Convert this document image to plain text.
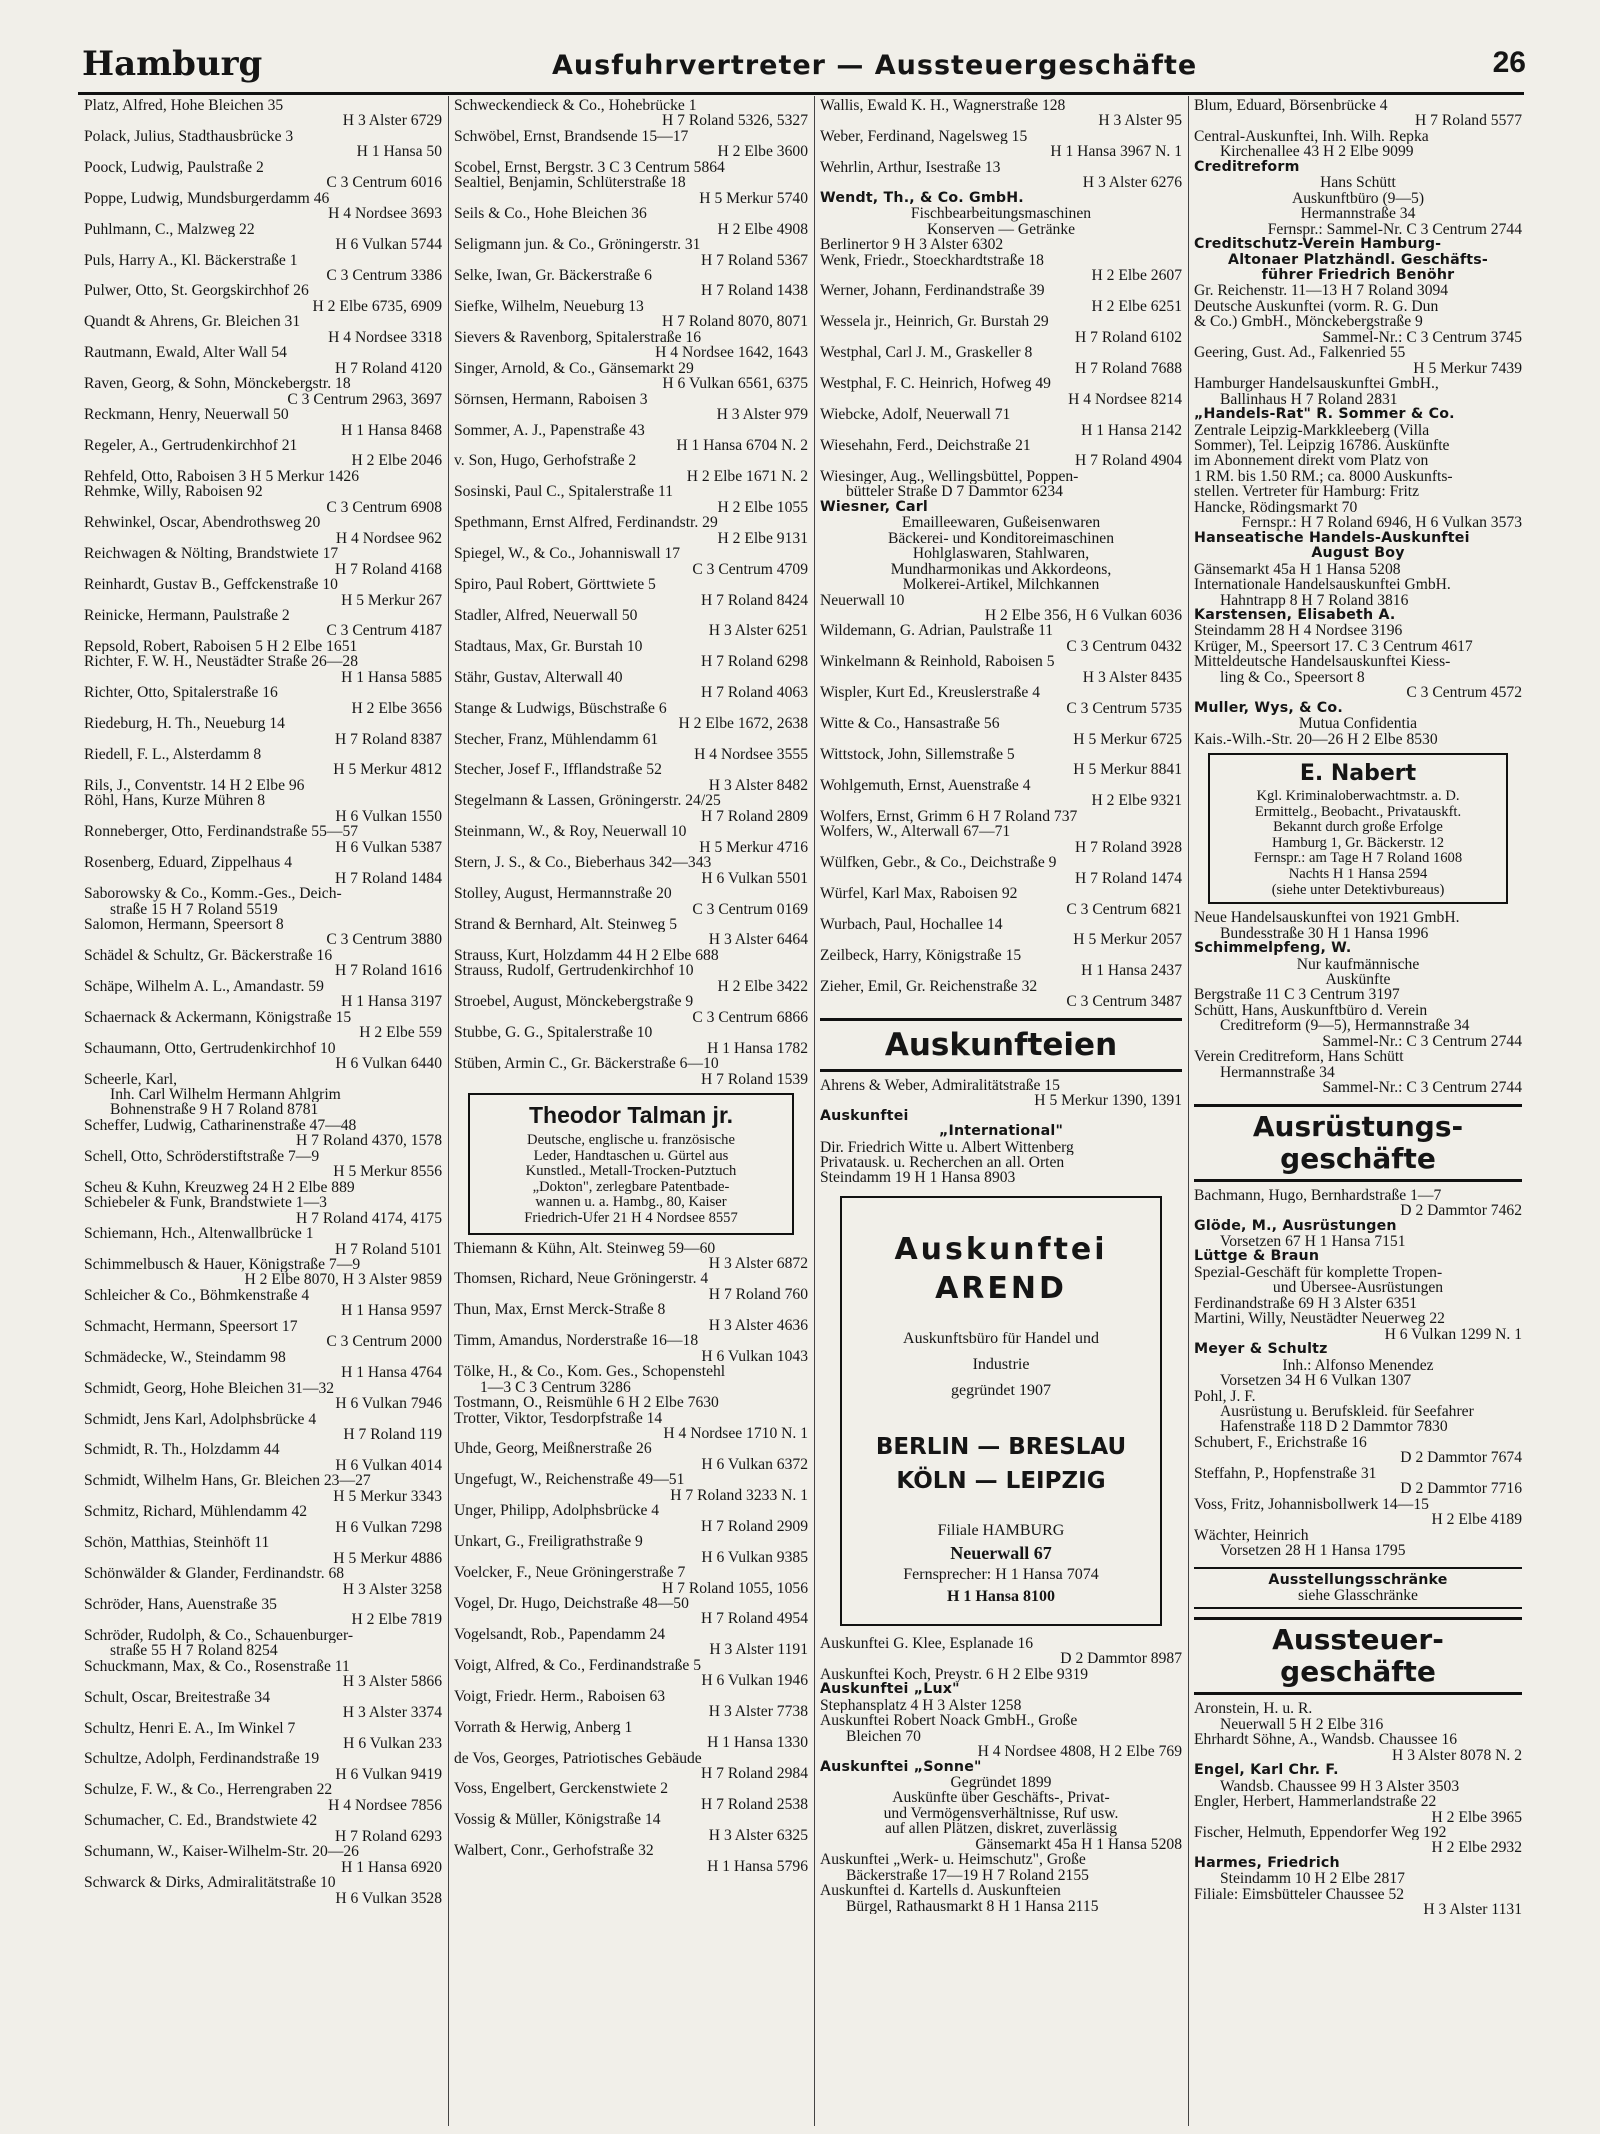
Hamburg	Ausfuhrvertreter — Aussteuergeschäfte	26
Platz, Alfred, Hohe Bleichen 35
H 3 Alster 6729
Polack, Julius, Stadthausbrücke 3
H 1 Hansa 50
Poock, Ludwig, Paulstraße 2
C 3 Centrum 6016
Poppe, Ludwig, Mundsburgerdamm 46
H 4 Nordsee 3693
Puhlmann, C., Malzweg 22
H 6 Vulkan 5744
Puls, Harry A., Kl. Bäckerstraße 1
C 3 Centrum 3386
Pulwer, Otto, St. Georgskirchhof 26
H 2 Elbe 6735, 6909
Quandt & Ahrens, Gr. Bleichen 31
H 4 Nordsee 3318
Rautmann, Ewald, Alter Wall 54
H 7 Roland 4120
Raven, Georg, & Sohn, Mönckebergstr. 18
C 3 Centrum 2963, 3697
Reckmann, Henry, Neuerwall 50
H 1 Hansa 8468
Regeler, A., Gertrudenkirchhof 21
H 2 Elbe 2046
Rehfeld, Otto, Raboisen 3 H 5 Merkur 1426
Rehmke, Willy, Raboisen 92
C 3 Centrum 6908
Rehwinkel, Oscar, Abendrothsweg 20
H 4 Nordsee 962
Reichwagen & Nölting, Brandstwiete 17
H 7 Roland 4168
Reinhardt, Gustav B., Geffckenstraße 10
H 5 Merkur 267
Reinicke, Hermann, Paulstraße 2
C 3 Centrum 4187
Repsold, Robert, Raboisen 5 H 2 Elbe 1651
Richter, F. W. H., Neustädter Straße 26—28
H 1 Hansa 5885
Richter, Otto, Spitalerstraße 16
H 2 Elbe 3656
Riedeburg, H. Th., Neueburg 14
H 7 Roland 8387
Riedell, F. L., Alsterdamm 8
H 5 Merkur 4812
Rils, J., Conventstr. 14 H 2 Elbe 96
Röhl, Hans, Kurze Mühren 8
H 6 Vulkan 1550
Ronneberger, Otto, Ferdinandstraße 55—57
H 6 Vulkan 5387
Rosenberg, Eduard, Zippelhaus 4
H 7 Roland 1484
Saborowsky & Co., Komm.-Ges., Deich-
straße 15 H 7 Roland 5519
Salomon, Hermann, Speersort 8
C 3 Centrum 3880
Schädel & Schultz, Gr. Bäckerstraße 16
H 7 Roland 1616
Schäpe, Wilhelm A. L., Amandastr. 59
H 1 Hansa 3197
Schaernack & Ackermann, Königstraße 15
H 2 Elbe 559
Schaumann, Otto, Gertrudenkirchhof 10
H 6 Vulkan 6440
Scheerle, Karl,
Inh. Carl Wilhelm Hermann Ahlgrim
Bohnenstraße 9 H 7 Roland 8781
Scheffer, Ludwig, Catharinenstraße 47—48
H 7 Roland 4370, 1578
Schell, Otto, Schröderstiftstraße 7—9
H 5 Merkur 8556
Scheu & Kuhn, Kreuzweg 24 H 2 Elbe 889
Schiebeler & Funk, Brandstwiete 1—3
H 7 Roland 4174, 4175
Schiemann, Hch., Altenwallbrücke 1
H 7 Roland 5101
Schimmelbusch & Hauer, Königstraße 7—9
H 2 Elbe 8070, H 3 Alster 9859
Schleicher & Co., Böhmkenstraße 4
H 1 Hansa 9597
Schmacht, Hermann, Speersort 17
C 3 Centrum 2000
Schmädecke, W., Steindamm 98
H 1 Hansa 4764
Schmidt, Georg, Hohe Bleichen 31—32
H 6 Vulkan 7946
Schmidt, Jens Karl, Adolphsbrücke 4
H 7 Roland 119
Schmidt, R. Th., Holzdamm 44
H 6 Vulkan 4014
Schmidt, Wilhelm Hans, Gr. Bleichen 23—27
H 5 Merkur 3343
Schmitz, Richard, Mühlendamm 42
H 6 Vulkan 7298
Schön, Matthias, Steinhöft 11
H 5 Merkur 4886
Schönwälder & Glander, Ferdinandstr. 68
H 3 Alster 3258
Schröder, Hans, Auenstraße 35
H 2 Elbe 7819
Schröder, Rudolph, & Co., Schauenburger-
straße 55 H 7 Roland 8254
Schuckmann, Max, & Co., Rosenstraße 11
H 3 Alster 5866
Schult, Oscar, Breitestraße 34
H 3 Alster 3374
Schultz, Henri E. A., Im Winkel 7
H 6 Vulkan 233
Schultze, Adolph, Ferdinandstraße 19
H 6 Vulkan 9419
Schulze, F. W., & Co., Herrengraben 22
H 4 Nordsee 7856
Schumacher, C. Ed., Brandstwiete 42
H 7 Roland 6293
Schumann, W., Kaiser-Wilhelm-Str. 20—26
H 1 Hansa 6920
Schwarck & Dirks, Admiralitätstraße 10
H 6 Vulkan 3528
Schweckendieck & Co., Hohebrücke 1
H 7 Roland 5326, 5327
Schwöbel, Ernst, Brandsende 15—17
H 2 Elbe 3600
Scobel, Ernst, Bergstr. 3 C 3 Centrum 5864
Sealtiel, Benjamin, Schlüterstraße 18
H 5 Merkur 5740
Seils & Co., Hohe Bleichen 36
H 2 Elbe 4908
Seligmann jun. & Co., Gröningerstr. 31
H 7 Roland 5367
Selke, Iwan, Gr. Bäckerstraße 6
H 7 Roland 1438
Siefke, Wilhelm, Neueburg 13
H 7 Roland 8070, 8071
Sievers & Ravenborg, Spitalerstraße 16
H 4 Nordsee 1642, 1643
Singer, Arnold, & Co., Gänsemarkt 29
H 6 Vulkan 6561, 6375
Sörnsen, Hermann, Raboisen 3
H 3 Alster 979
Sommer, A. J., Papenstraße 43
H 1 Hansa 6704 N. 2
v. Son, Hugo, Gerhofstraße 2
H 2 Elbe 1671 N. 2
Sosinski, Paul C., Spitalerstraße 11
H 2 Elbe 1055
Spethmann, Ernst Alfred, Ferdinandstr. 29
H 2 Elbe 9131
Spiegel, W., & Co., Johanniswall 17
C 3 Centrum 4709
Spiro, Paul Robert, Görttwiete 5
H 7 Roland 8424
Stadler, Alfred, Neuerwall 50
H 3 Alster 6251
Stadtaus, Max, Gr. Burstah 10
H 7 Roland 6298
Stähr, Gustav, Alterwall 40
H 7 Roland 4063
Stange & Ludwigs, Büschstraße 6
H 2 Elbe 1672, 2638
Stecher, Franz, Mühlendamm 61
H 4 Nordsee 3555
Stecher, Josef F., Ifflandstraße 52
H 3 Alster 8482
Stegelmann & Lassen, Gröningerstr. 24/25
H 7 Roland 2809
Steinmann, W., & Roy, Neuerwall 10
H 5 Merkur 4716
Stern, J. S., & Co., Bieberhaus 342—343
H 6 Vulkan 5501
Stolley, August, Hermannstraße 20
C 3 Centrum 0169
Strand & Bernhard, Alt. Steinweg 5
H 3 Alster 6464
Strauss, Kurt, Holzdamm 44 H 2 Elbe 688
Strauss, Rudolf, Gertrudenkirchhof 10
H 2 Elbe 3422
Stroebel, August, Mönckebergstraße 9
C 3 Centrum 6866
Stubbe, G. G., Spitalerstraße 10
H 1 Hansa 1782
Stüben, Armin C., Gr. Bäckerstraße 6—10
H 7 Roland 1539
Theodor Talman jr.
Deutsche, englische u. französische
Leder, Handtaschen u. Gürtel aus
Kunstled., Metall-Trocken-Putztuch
„Dokton", zerlegbare Patentbade-
wannen u. a. Hambg., 80, Kaiser
Friedrich-Ufer 21 H 4 Nordsee 8557
Thiemann & Kühn, Alt. Steinweg 59—60
H 3 Alster 6872
Thomsen, Richard, Neue Gröningerstr. 4
H 7 Roland 760
Thun, Max, Ernst Merck-Straße 8
H 3 Alster 4636
Timm, Amandus, Norderstraße 16—18
H 6 Vulkan 1043
Tölke, H., & Co., Kom. Ges., Schopenstehl
1—3 C 3 Centrum 3286
Tostmann, O., Reismühle 6 H 2 Elbe 7630
Trotter, Viktor, Tesdorpfstraße 14
H 4 Nordsee 1710 N. 1
Uhde, Georg, Meißnerstraße 26
H 6 Vulkan 6372
Ungefugt, W., Reichenstraße 49—51
H 7 Roland 3233 N. 1
Unger, Philipp, Adolphsbrücke 4
H 7 Roland 2909
Unkart, G., Freiligrathstraße 9
H 6 Vulkan 9385
Voelcker, F., Neue Gröningerstraße 7
H 7 Roland 1055, 1056
Vogel, Dr. Hugo, Deichstraße 48—50
H 7 Roland 4954
Vogelsandt, Rob., Papendamm 24
H 3 Alster 1191
Voigt, Alfred, & Co., Ferdinandstraße 5
H 6 Vulkan 1946
Voigt, Friedr. Herm., Raboisen 63
H 3 Alster 7738
Vorrath & Herwig, Anberg 1
H 1 Hansa 1330
de Vos, Georges, Patriotisches Gebäude
H 7 Roland 2984
Voss, Engelbert, Gerckenstwiete 2
H 7 Roland 2538
Vossig & Müller, Königstraße 14
H 3 Alster 6325
Walbert, Conr., Gerhofstraße 32
H 1 Hansa 5796
Wallis, Ewald K. H., Wagnerstraße 128
H 3 Alster 95
Weber, Ferdinand, Nagelsweg 15
H 1 Hansa 3967 N. 1
Wehrlin, Arthur, Isestraße 13
H 3 Alster 6276
Wendt, Th., & Co. GmbH.
Fischbearbeitungsmaschinen
Konserven — Getränke
Berlinertor 9 H 3 Alster 6302
Wenk, Friedr., Stoeckhardtstraße 18
H 2 Elbe 2607
Werner, Johann, Ferdinandstraße 39
H 2 Elbe 6251
Wessela jr., Heinrich, Gr. Burstah 29
H 7 Roland 6102
Westphal, Carl J. M., Graskeller 8
H 7 Roland 7688
Westphal, F. C. Heinrich, Hofweg 49
H 4 Nordsee 8214
Wiebcke, Adolf, Neuerwall 71
H 1 Hansa 2142
Wiesehahn, Ferd., Deichstraße 21
H 7 Roland 4904
Wiesinger, Aug., Wellingsbüttel, Poppen-
bütteler Straße D 7 Dammtor 6234
Wiesner, Carl
Emailleewaren, Gußeisenwaren
Bäckerei- und Konditoreimaschinen
Hohlglaswaren, Stahlwaren,
Mundharmonikas und Akkordeons,
Molkerei-Artikel, Milchkannen
Neuerwall 10
H 2 Elbe 356, H 6 Vulkan 6036
Wildemann, G. Adrian, Paulstraße 11
C 3 Centrum 0432
Winkelmann & Reinhold, Raboisen 5
H 3 Alster 8435
Wispler, Kurt Ed., Kreuslerstraße 4
C 3 Centrum 5735
Witte & Co., Hansastraße 56
H 5 Merkur 6725
Wittstock, John, Sillemstraße 5
H 5 Merkur 8841
Wohlgemuth, Ernst, Auenstraße 4
H 2 Elbe 9321
Wolfers, Ernst, Grimm 6 H 7 Roland 737
Wolfers, W., Alterwall 67—71
H 7 Roland 3928
Wülfken, Gebr., & Co., Deichstraße 9
H 7 Roland 1474
Würfel, Karl Max, Raboisen 92
C 3 Centrum 6821
Wurbach, Paul, Hochallee 14
H 5 Merkur 2057
Zeilbeck, Harry, Königstraße 15
H 1 Hansa 2437
Zieher, Emil, Gr. Reichenstraße 32
C 3 Centrum 3487
Auskunfteien
Ahrens & Weber, Admiralitätstraße 15
H 5 Merkur 1390, 1391
Auskunftei
„International"
Dir. Friedrich Witte u. Albert Wittenberg
Privatausk. u. Recherchen an all. Orten
Steindamm 19 H 1 Hansa 8903
Auskunftei
AREND
Auskunftsbüro für Handel und
Industrie
gegründet 1907
BERLIN — BRESLAU
KÖLN — LEIPZIG
Filiale HAMBURG
Neuerwall 67
Fernsprecher: H 1 Hansa 7074
H 1 Hansa 8100
Auskunftei G. Klee, Esplanade 16
D 2 Dammtor 8987
Auskunftei Koch, Preystr. 6 H 2 Elbe 9319
Auskunftei „Lux"
Stephansplatz 4 H 3 Alster 1258
Auskunftei Robert Noack GmbH., Große
Bleichen 70
H 4 Nordsee 4808, H 2 Elbe 769
Auskunftei „Sonne"
Gegründet 1899
Auskünfte über Geschäfts-, Privat-
und Vermögensverhältnisse, Ruf usw.
auf allen Plätzen, diskret, zuverlässig
Gänsemarkt 45a H 1 Hansa 5208
Auskunftei „Werk- u. Heimschutz", Große
Bäckerstraße 17—19 H 7 Roland 2155
Auskunftei d. Kartells d. Auskunfteien
Bürgel, Rathausmarkt 8 H 1 Hansa 2115
Blum, Eduard, Börsenbrücke 4
H 7 Roland 5577
Central-Auskunftei, Inh. Wilh. Repka
Kirchenallee 43 H 2 Elbe 9099
Creditreform
Hans Schütt
Auskunftbüro (9—5)
Hermannstraße 34
Fernspr.: Sammel-Nr. C 3 Centrum 2744
Creditschutz-Verein Hamburg-
Altonaer Platzhändl. Geschäfts-
führer Friedrich Benöhr
Gr. Reichenstr. 11—13 H 7 Roland 3094
Deutsche Auskunftei (vorm. R. G. Dun
& Co.) GmbH., Mönckebergstraße 9
Sammel-Nr.: C 3 Centrum 3745
Geering, Gust. Ad., Falkenried 55
H 5 Merkur 7439
Hamburger Handelsauskunftei GmbH.,
Ballinhaus H 7 Roland 2831
„Handels-Rat" R. Sommer & Co.
Zentrale Leipzig-Markkleeberg (Villa
Sommer), Tel. Leipzig 16786. Auskünfte
im Abonnement direkt vom Platz von
1 RM. bis 1.50 RM.; ca. 8000 Auskunfts-
stellen. Vertreter für Hamburg: Fritz
Hancke, Rödingsmarkt 70
Fernspr.: H 7 Roland 6946, H 6 Vulkan 3573
Hanseatische Handels-Auskunftei
August Boy
Gänsemarkt 45a H 1 Hansa 5208
Internationale Handelsauskunftei GmbH.
Hahntrapp 8 H 7 Roland 3816
Karstensen, Elisabeth A.
Steindamm 28 H 4 Nordsee 3196
Krüger, M., Speersort 17. C 3 Centrum 4617
Mitteldeutsche Handelsauskunftei Kiess-
ling & Co., Speersort 8
C 3 Centrum 4572
Muller, Wys, & Co.
Mutua Confidentia
Kais.-Wilh.-Str. 20—26 H 2 Elbe 8530
E. Nabert
Kgl. Kriminaloberwachtmstr. a. D.
Ermittelg., Beobacht., Privatauskft.
Bekannt durch große Erfolge
Hamburg 1, Gr. Bäckerstr. 12
Fernspr.: am Tage H 7 Roland 1608
Nachts H 1 Hansa 2594
(siehe unter Detektivbureaus)
Neue Handelsauskunftei von 1921 GmbH.
Bundesstraße 30 H 1 Hansa 1996
Schimmelpfeng, W.
Nur kaufmännische
Auskünfte
Bergstraße 11 C 3 Centrum 3197
Schütt, Hans, Auskunftbüro d. Verein
Creditreform (9—5), Hermannstraße 34
Sammel-Nr.: C 3 Centrum 2744
Verein Creditreform, Hans Schütt
Hermannstraße 34
Sammel-Nr.: C 3 Centrum 2744
Ausrüstungs-
geschäfte
Bachmann, Hugo, Bernhardstraße 1—7
D 2 Dammtor 7462
Glöde, M., Ausrüstungen
Vorsetzen 67 H 1 Hansa 7151
Lüttge & Braun
Spezial-Geschäft für komplette Tropen-
und Übersee-Ausrüstungen
Ferdinandstraße 69 H 3 Alster 6351
Martini, Willy, Neustädter Neuerweg 22
H 6 Vulkan 1299 N. 1
Meyer & Schultz
Inh.: Alfonso Menendez
Vorsetzen 34 H 6 Vulkan 1307
Pohl, J. F.
Ausrüstung u. Berufskleid. für Seefahrer
Hafenstraße 118 D 2 Dammtor 7830
Schubert, F., Erichstraße 16
D 2 Dammtor 7674
Steffahn, P., Hopfenstraße 31
D 2 Dammtor 7716
Voss, Fritz, Johannisbollwerk 14—15
H 2 Elbe 4189
Wächter, Heinrich
Vorsetzen 28 H 1 Hansa 1795
Ausstellungsschränke
siehe Glasschränke
Aussteuer-
geschäfte
Aronstein, H. u. R.
Neuerwall 5 H 2 Elbe 316
Ehrhardt Söhne, A., Wandsb. Chaussee 16
H 3 Alster 8078 N. 2
Engel, Karl Chr. F.
Wandsb. Chaussee 99 H 3 Alster 3503
Engler, Herbert, Hammerlandstraße 22
H 2 Elbe 3965
Fischer, Helmuth, Eppendorfer Weg 192
H 2 Elbe 2932
Harmes, Friedrich
Steindamm 10 H 2 Elbe 2817
Filiale: Eimsbütteler Chaussee 52
H 3 Alster 1131
